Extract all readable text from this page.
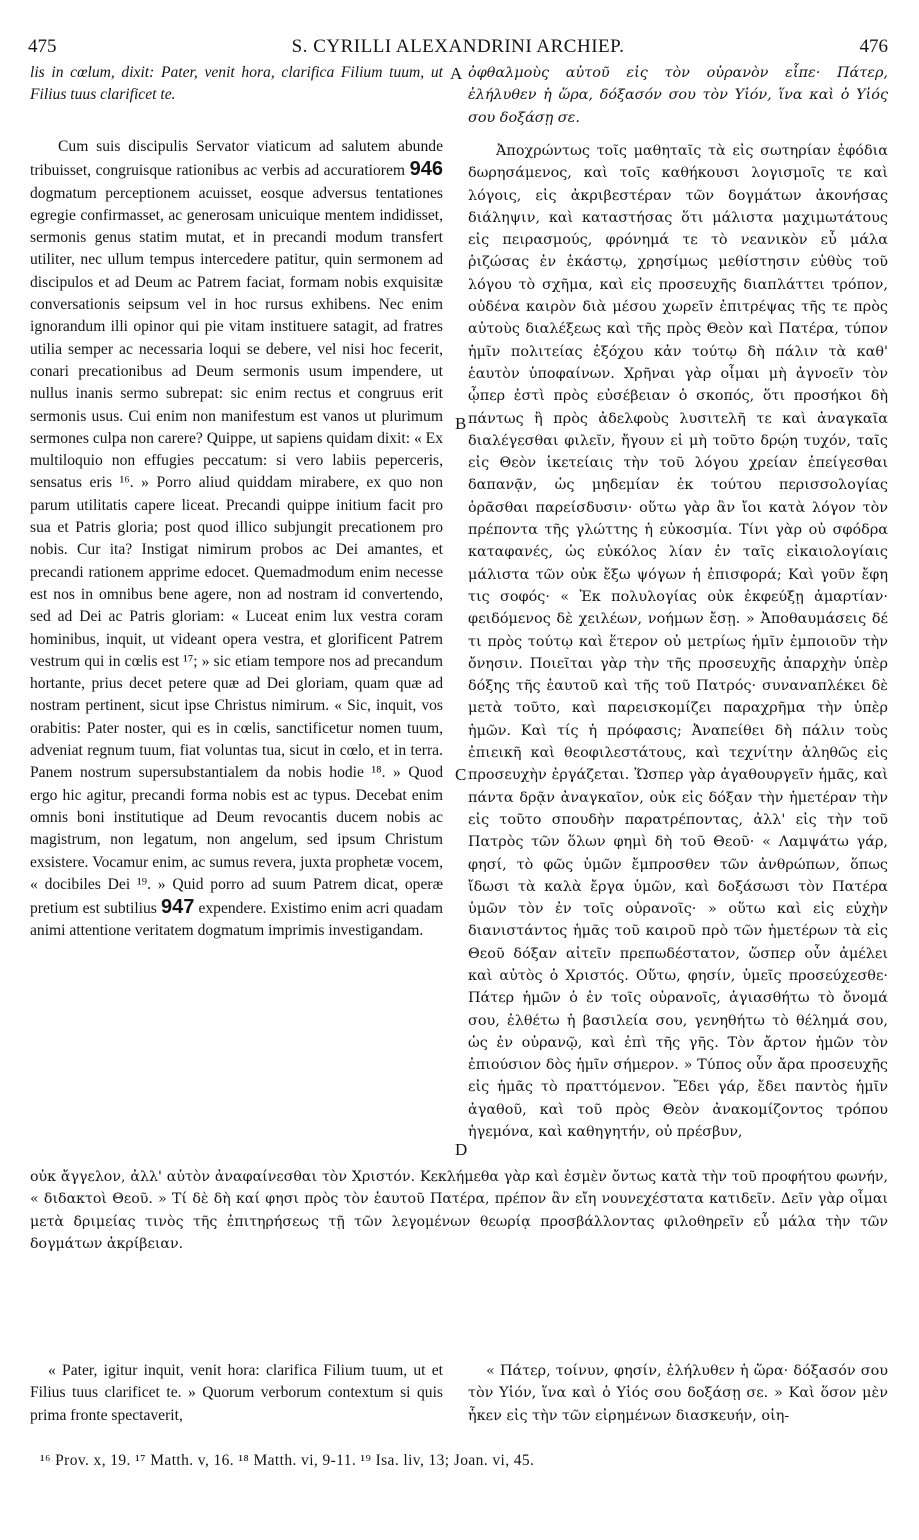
475	S. CYRILLI ALEXANDRINI ARCHIEP.	476

lis in cœlum, dixit: Pater, venit hora, clarifica Filium tuum, ut Filius tuus clarificet te.

ὀφθαλμοὺς αὐτοῦ εἰς τὸν οὐρανὸν εἶπε· Πάτερ, ἐλήλυθεν ἡ ὥρα, δόξασόν σου τὸν Υἱόν, ἵνα καὶ ὁ Υἱός σου δοξάσῃ σε.

Cum suis discipulis Servator viaticum ad salutem abunde tribuisset, congruisque rationibus ac verbis ad accuratiorem 946 dogmatum perceptionem acuisset, eosque adversus tentationes egregie confirmasset, ac generosam unicuique mentem indidisset, sermonis genus statim mutat, et in precandi modum transfert utiliter, nec ullum tempus intercedere patitur, quin sermonem ad discipulos et ad Deum ac Patrem faciat, formam nobis exquisitæ conversationis seipsum vel in hoc rursus exhibens. Nec enim ignorandum illi opinor qui pie vitam instituere satagit, ad fratres utilia semper ac necessaria loqui se debere, vel nisi hoc fecerit, conari precationibus ad Deum sermonis usum impendere, ut nullus inanis sermo subrepat: sic enim rectus et congruus erit sermonis usus. Cui enim non manifestum est vanos ut plurimum sermones culpa non carere? Quippe, ut sapiens quidam dixit: « Ex multiloquio non effugies peccatum: si vero labiis peperceris, sensatus eris ¹⁶. » Porro aliud quiddam mirabere, ex quo non parum utilitatis capere liceat. Precandi quippe initium facit pro sua et Patris gloria; post quod illico subjungit precationem pro nobis. Cur ita? Instigat nimirum probos ac Dei amantes, et precandi rationem apprime edocet. Quemadmodum enim necesse est nos in omnibus bene agere, non ad nostram id convertendo, sed ad Dei ac Patris gloriam: « Luceat enim lux vestra coram hominibus, inquit, ut videant opera vestra, et glorificent Patrem vestrum qui in cœlis est ¹⁷; » sic etiam tempore nos ad precandum hortante, prius decet petere quæ ad Dei gloriam, quam quæ ad nostram pertinent, sicut ipse Christus nimirum. « Sic, inquit, vos orabitis: Pater noster, qui es in cœlis, sanctificetur nomen tuum, adveniat regnum tuum, fiat voluntas tua, sicut in cœlo, et in terra. Panem nostrum supersubstantialem da nobis hodie ¹⁸. » Quod ergo hic agitur, precandi forma nobis est ac typus. Decebat enim omnis boni institutique ad Deum revocantis ducem nobis ac magistrum, non legatum, non angelum, sed ipsum Christum exsistere. Vocamur enim, ac sumus revera, juxta prophetæ vocem, « docibiles Dei ¹⁹. » Quid porro ad suum Patrem dicat, operæ pretium est subtilius 947 expendere. Existimo enim acri quadam animi attentione veritatem dogmatum imprimis investigandam.

Ἀποχρώντως τοῖς μαθηταῖς τὰ εἰς σωτηρίαν ἐφόδια δωρησάμενος, καὶ τοῖς καθήκουσι λογισμοῖς τε καὶ λόγοις, εἰς ἀκριβεστέραν τῶν δογμάτων ἀκονήσας διάληψιν, καὶ καταστήσας ὅτι μάλιστα μαχιμωτάτους εἰς πειρασμούς, φρόνημά τε τὸ νεανικὸν εὖ μάλα ῥιζώσας ἐν ἑκάστῳ, χρησίμως μεθίστησιν εὐθὺς τοῦ λόγου τὸ σχῆμα, καὶ εἰς προσευχῆς διαπλάττει τρόπον, οὐδένα καιρὸν διὰ μέσου χωρεῖν ἐπιτρέψας τῆς τε πρὸς αὐτοὺς διαλέξεως καὶ τῆς πρὸς Θεὸν καὶ Πατέρα, τύπον ἡμῖν πολιτείας ἐξόχου κἀν τούτῳ δὴ πάλιν τὰ καθ' ἑαυτὸν ὑποφαίνων. Χρῆναι γὰρ οἶμαι μὴ ἀγνοεῖν τὸν ᾧπερ ἐστὶ πρὸς εὐσέβειαν ὁ σκοπός, ὅτι προσήκοι δὴ πάντως ἢ πρὸς ἀδελφοὺς λυσιτελῆ τε καὶ ἀναγκαῖα διαλέγεσθαι φιλεῖν, ἤγουν εἰ μὴ τοῦτο δρῴη τυχόν, ταῖς εἰς Θεὸν ἱκετείαις τὴν τοῦ λόγου χρείαν ἐπείγεσθαι δαπανᾷν, ὡς μηδεμίαν ἐκ τούτου περισσολογίας ὁρᾶσθαι παρείσδυσιν· οὕτω γὰρ ἂν ἴοι κατὰ λόγον τὸν πρέποντα τῆς γλώττης ἡ εὐκοσμία. Τίνι γὰρ οὐ σφόδρα καταφανές, ὡς εὐκόλος λίαν ἐν ταῖς εἰκαιολογίαις μάλιστα τῶν οὐκ ἔξω ψόγων ἡ ἐπισφορά; Καὶ γοῦν ἔφη τις σοφός· « Ἐκ πολυλογίας οὐκ ἐκφεύξῃ ἁμαρτίαν· φειδόμενος δὲ χειλέων, νοήμων ἔσῃ. » Ἀποθαυμάσεις δέ τι πρὸς τούτῳ καὶ ἕτερον οὐ μετρίως ἡμῖν ἐμποιοῦν τὴν ὄνησιν. Ποιεῖται γὰρ τὴν τῆς προσευχῆς ἀπαρχὴν ὑπὲρ δόξης τῆς ἑαυτοῦ καὶ τῆς τοῦ Πατρός· συναναπλέκει δὲ μετὰ τοῦτο, καὶ παρεισκομίζει παραχρῆμα τὴν ὑπὲρ ἡμῶν. Καὶ τίς ἡ πρόφασις; Ἀναπείθει δὴ πάλιν τοὺς ἐπιεικῆ καὶ θεοφιλεστάτους, καὶ τεχνίτην ἀληθῶς εἰς προσευχὴν ἐργάζεται. Ὥσπερ γὰρ ἀγαθουργεῖν ἡμᾶς, καὶ πάντα δρᾷν ἀναγκαῖον, οὐκ εἰς δόξαν τὴν ἡμετέραν τὴν εἰς τοῦτο σπουδὴν παρατρέποντας, ἀλλ' εἰς τὴν τοῦ Πατρὸς τῶν ὅλων φημὶ δὴ τοῦ Θεοῦ· « Λαμψάτω γάρ, φησί, τὸ φῶς ὑμῶν ἔμπροσθεν τῶν ἀνθρώπων, ὅπως ἴδωσι τὰ καλὰ ἔργα ὑμῶν, καὶ δοξάσωσι τὸν Πατέρα ὑμῶν τὸν ἐν τοῖς οὐρανοῖς· » οὕτω καὶ εἰς εὐχὴν διανιστάντος ἡμᾶς τοῦ καιροῦ πρὸ τῶν ἡμετέρων τὰ εἰς Θεοῦ δόξαν αἰτεῖν πρεπωδέστατον, ὥσπερ οὖν ἀμέλει καὶ αὐτὸς ὁ Χριστός. Οὕτω, φησίν, ὑμεῖς προσεύχεσθε· Πάτερ ἡμῶν ὁ ἐν τοῖς οὐρανοῖς, ἁγιασθήτω τὸ ὄνομά σου, ἐλθέτω ἡ βασιλεία σου, γενηθήτω τὸ θέλημά σου, ὡς ἐν οὐρανῷ, καὶ ἐπὶ τῆς γῆς. Τὸν ἄρτον ἡμῶν τὸν ἐπιούσιον δὸς ἡμῖν σήμερον. » Τύπος οὖν ἄρα προσευχῆς εἰς ἡμᾶς τὸ πραττόμενον. Ἔδει γάρ, ἔδει παντὸς ἡμῖν ἀγαθοῦ, καὶ τοῦ πρὸς Θεὸν ἀνακομίζοντος τρόπου ἡγεμόνα, καὶ καθηγητήν, οὐ πρέσβυν,

A
B
C
D

οὐκ ἄγγελον, ἀλλ' αὐτὸν ἀναφαίνεσθαι τὸν Χριστόν. Κεκλήμεθα γὰρ καὶ ἐσμὲν ὄντως κατὰ τὴν τοῦ προφήτου φωνήν, « διδακτοὶ Θεοῦ. » Τί δὲ δὴ καί φησι πρὸς τὸν ἑαυτοῦ Πατέρα, πρέπον ἂν εἴη νουνεχέστατα κατιδεῖν. Δεῖν γὰρ οἶμαι μετὰ δριμείας τινὸς τῆς ἐπιτηρήσεως τῇ τῶν λεγομένων θεωρίᾳ προσβάλλοντας φιλοθηρεῖν εὖ μάλα τὴν τῶν δογμάτων ἀκρίβειαν.

« Pater, igitur inquit, venit hora: clarifica Filium tuum, ut et Filius tuus clarificet te. » Quorum verborum contextum si quis prima fronte spectaverit,

« Πάτερ, τοίνυν, φησίν, ἐλήλυθεν ἡ ὥρα· δόξασόν σου τὸν Υἱόν, ἵνα καὶ ὁ Υἱός σου δοξάσῃ σε. » Καὶ ὅσον μὲν ἧκεν εἰς τὴν τῶν εἰρημένων διασκευήν, οἰη-

¹⁶ Prov. x, 19. ¹⁷ Matth. v, 16. ¹⁸ Matth. vi, 9-11. ¹⁹ Isa. liv, 13; Joan. vi, 45.
